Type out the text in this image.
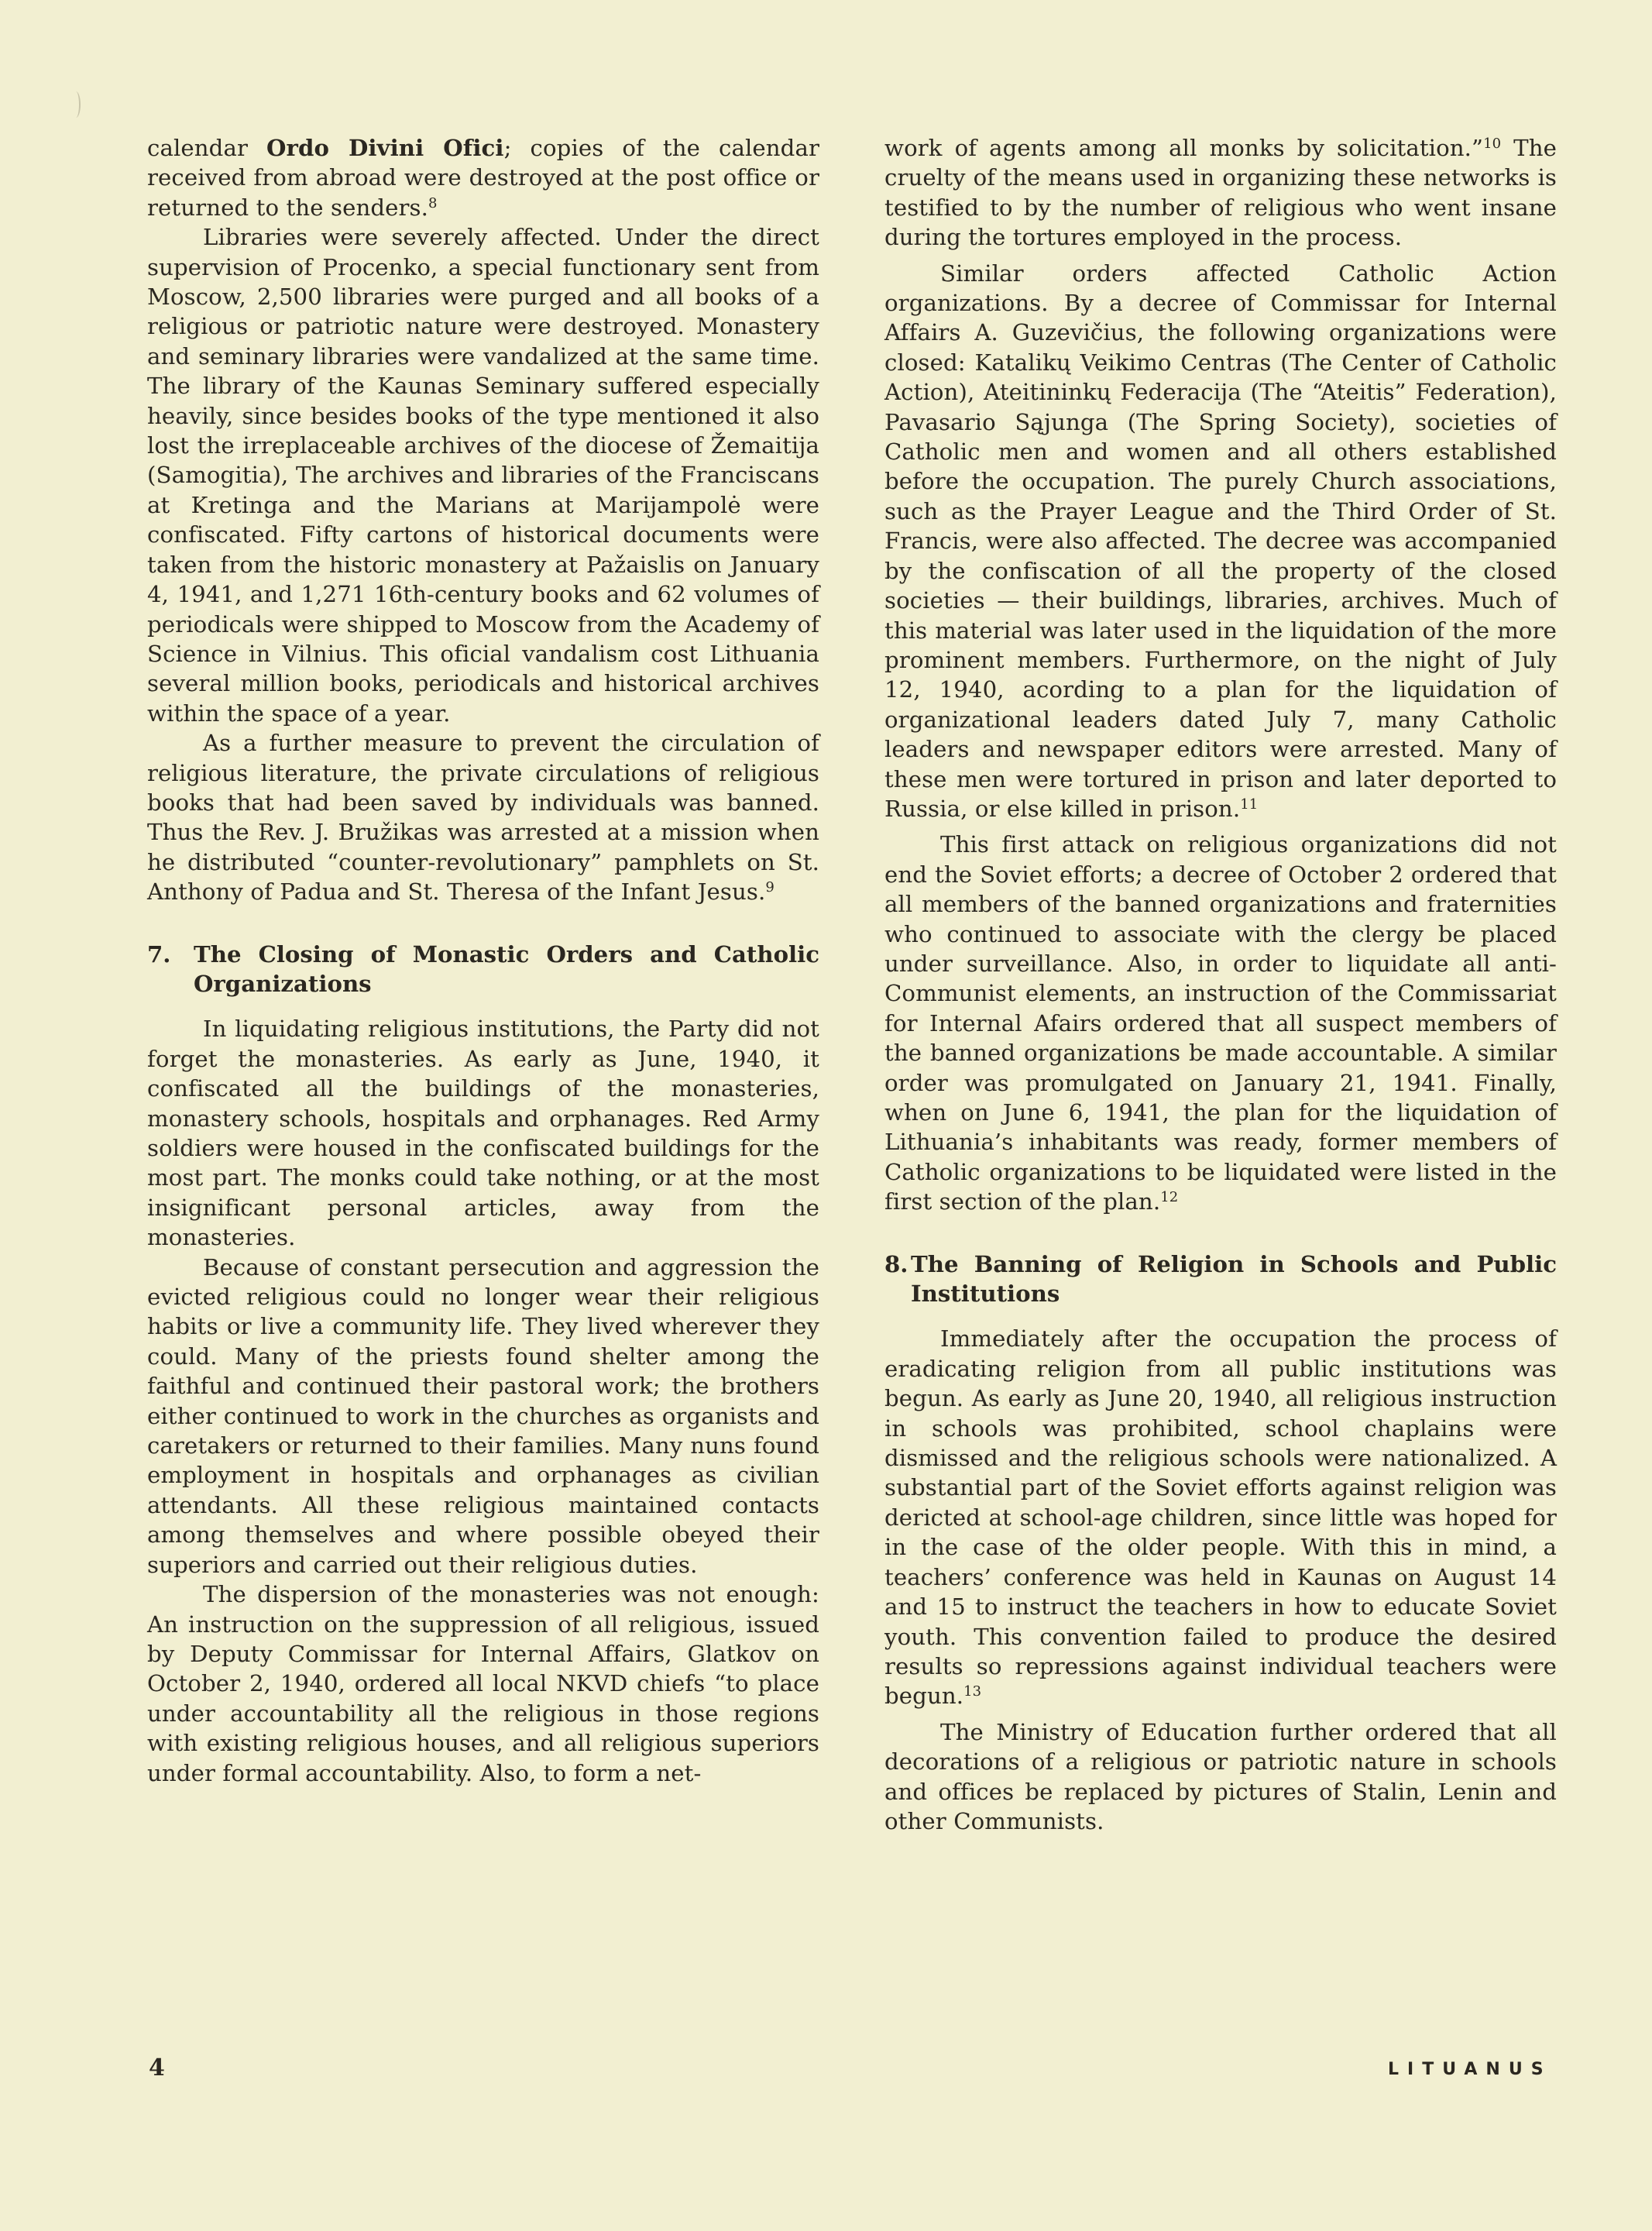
calendar Ordo Divini Ofici; copies of the calendar received from abroad were destroyed at the post office or returned to the senders.$^8$

Libraries were severely affected. Under the direct supervision of Procenko, a special functionary sent from Moscow, 2,500 libraries were purged and all books of a religious or patriotic nature were destroyed. Monastery and seminary libraries were vandalized at the same time. The library of the Kaunas Seminary suffered especially heavily, since besides books of the type mentioned it also lost the irreplaceable archives of the diocese of Žemaitija (Samogitia), The archives and libraries of the Franciscans at Kretinga and the Marians at Marijampolė were confiscated. Fifty cartons of historical documents were taken from the historic monastery at Pažaislis on January 4, 1941, and 1,271 16th-century books and 62 volumes of periodicals were shipped to Moscow from the Academy of Science in Vilnius. This oficial vandalism cost Lithuania several million books, periodicals and historical archives within the space of a year.

As a further measure to prevent the circulation of religious literature, the private circulations of religious books that had been saved by individuals was banned. Thus the Rev. J. Bružikas was arrested at a mission when he distributed “counter-revolutionary” pamphlets on St. Anthony of Padua and St. Theresa of the Infant Jesus.$^9$

7.	The Closing of Monastic Orders and Catholic Organizations

In liquidating religious institutions, the Party did not forget the monasteries. As early as June, 1940, it confiscated all the buildings of the monasteries, monastery schools, hospitals and orphanages. Red Army soldiers were housed in the confiscated buildings for the most part. The monks could take nothing, or at the most insignificant personal articles, away from the monasteries.

Because of constant persecution and aggression the evicted religious could no longer wear their religious habits or live a community life. They lived wherever they could. Many of the priests found shelter among the faithful and continued their pastoral work; the brothers either continued to work in the churches as organists and caretakers or returned to their families. Many nuns found employment in hospitals and orphanages as civilian attendants. All these religious maintained contacts among themselves and where possible obeyed their superiors and carried out their religious duties.

The dispersion of the monasteries was not enough: An instruction on the suppression of all religious, issued by Deputy Commissar for Internal Affairs, Glatkov on October 2, 1940, ordered all local NKVD chiefs “to place under accountability all the religious in those regions with existing religious houses, and all religious superiors under formal accountability. Also, to form a net-

work of agents among all monks by solicitation.”$^{10}$ The cruelty of the means used in organizing these networks is testified to by the number of religious who went insane during the tortures employed in the process.

Similar orders affected Catholic Action organizations. By a decree of Commissar for Internal Affairs A. Guzevičius, the following organizations were closed: Katalikų Veikimo Centras (The Center of Catholic Action), Ateitininkų Federacija (The “Ateitis” Federation), Pavasario Sąjunga (The Spring Society), societies of Catholic men and women and all others established before the occupation. The purely Church associations, such as the Prayer League and the Third Order of St. Francis, were also affected. The decree was accompanied by the confiscation of all the property of the closed societies — their buildings, libraries, archives. Much of this material was later used in the liquidation of the more prominent members. Furthermore, on the night of July 12, 1940, acording to a plan for the liquidation of organizational leaders dated July 7, many Catholic leaders and newspaper editors were arrested. Many of these men were tortured in prison and later deported to Russia, or else killed in prison.$^{11}$

This first attack on religious organizations did not end the Soviet efforts; a decree of October 2 ordered that all members of the banned organizations and fraternities who continued to associate with the clergy be placed under surveillance. Also, in order to liquidate all anti-Communist elements, an instruction of the Commissariat for Internal Afairs ordered that all suspect members of the banned organizations be made accountable. A similar order was promulgated on January 21, 1941. Finally, when on June 6, 1941, the plan for the liquidation of Lithuania’s inhabitants was ready, former members of Catholic organizations to be liquidated were listed in the first section of the plan.$^{12}$

8. The Banning of Religion in Schools and Public Institutions

Immediately after the occupation the process of eradicating religion from all public institutions was begun. As early as June 20, 1940, all religious instruction in schools was prohibited, school chaplains were dismissed and the religious schools were nationalized. A substantial part of the Soviet efforts against religion was dericted at school-age children, since little was hoped for in the case of the older people. With this in mind, a teachers’ conference was held in Kaunas on August 14 and 15 to instruct the teachers in how to educate Soviet youth. This convention failed to produce the desired results so repressions against individual teachers were begun.$^{13}$

The Ministry of Education further ordered that all decorations of a religious or patriotic nature in schools and offices be replaced by pictures of Stalin, Lenin and other Communists.

4	LITUANUS
